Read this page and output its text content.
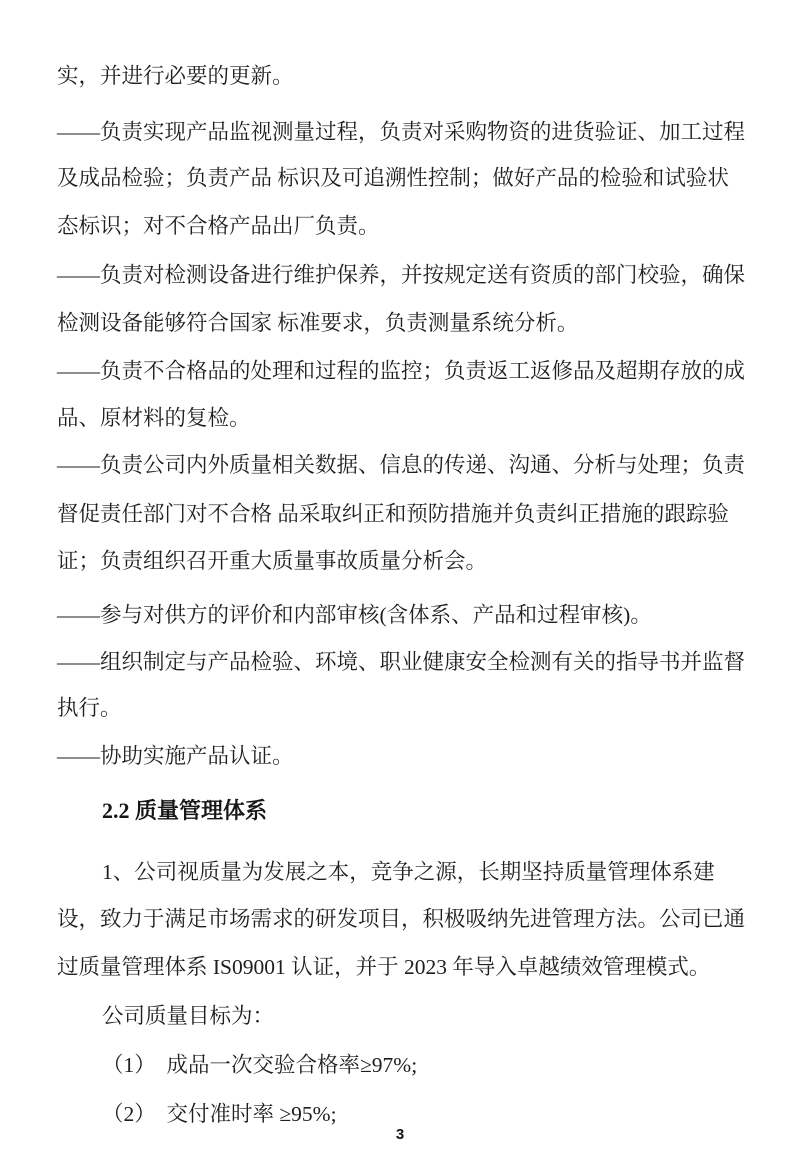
实，并进行必要的更新。
——负责实现产品监视测量过程，负责对采购物资的进货验证、加工过程
及成品检验；负责产品 标识及可追溯性控制；做好产品的检验和试验状
态标识；对不合格产品出厂负责。
——负责对检测设备进行维护保养，并按规定送有资质的部门校验，确保
检测设备能够符合国家 标准要求，负责测量系统分析。
——负责不合格品的处理和过程的监控；负责返工返修品及超期存放的成
品、原材料的复检。
——负责公司内外质量相关数据、信息的传递、沟通、分析与处理；负责
督促责任部门对不合格 品采取纠正和预防措施并负责纠正措施的跟踪验
证；负责组织召开重大质量事故质量分析会。
——参与对供方的评价和内部审核(含体系、产品和过程审核)。
——组织制定与产品检验、环境、职业健康安全检测有关的指导书并监督
执行。
——协助实施产品认证。
2.2 质量管理体系
1、公司视质量为发展之本，竞争之源，长期坚持质量管理体系建
设，致力于满足市场需求的研发项目，积极吸纳先进管理方法。公司已通
过质量管理体系 IS09001 认证，并于 2023 年导入卓越绩效管理模式。
公司质量目标为：
（1）　成品一次交验合格率≥97%;
（2）　交付准时率 ≥95%;
3
